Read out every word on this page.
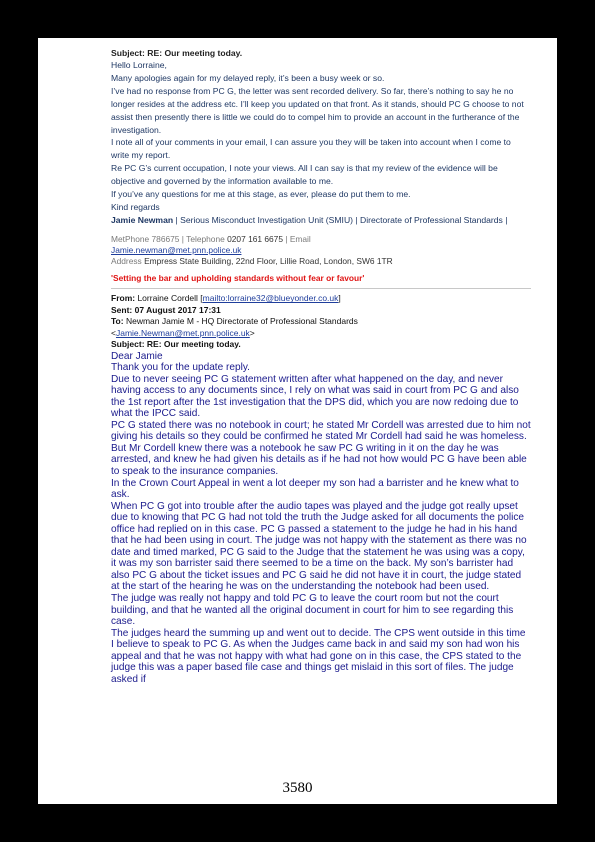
Subject: RE: Our meeting today.

Hello Lorraine,

Many apologies again for my delayed reply, it’s been a busy week or so.

I’ve had no response from PC G, the letter was sent recorded delivery. So far, there’s nothing to say he no longer resides at the address etc. I’ll keep you updated on that front. As it stands, should PC G choose to not assist then presently there is little we could do to compel him to provide an account in the furtherance of the investigation.

I note all of your comments in your email, I can assure you they will be taken into account when I come to write my report.

Re PC G’s current occupation, I note your views. All I can say is that my review of the evidence will be objective and governed by the information available to me.

If you’ve any questions for me at this stage, as ever, please do put them to me.

Kind regards

Jamie Newman | Serious Misconduct Investigation Unit (SMIU) | Directorate of Professional Standards |
MetPhone 786675 | Telephone 0207 161 6675 | Email
Jamie.newman@met.pnn.police.uk
Address Empress State Building, 22nd Floor, Lillie Road, London, SW6 1TR
'Setting the bar and upholding standards without fear or favour'
From: Lorraine Cordell [mailto:lorraine32@blueyonder.co.uk]
Sent: 07 August 2017 17:31
To: Newman Jamie M - HQ Directorate of Professional Standards
<Jamie.Newman@met.pnn.police.uk>
Subject: RE: Our meeting today.

Dear Jamie

Thank you for the update reply.

Due to never seeing PC G statement written after what happened on the day, and never having access to any documents since, I rely on what was said in court from PC G and also the 1st report after the 1st investigation that the DPS did, which you are now redoing due to what the IPCC said.

PC G stated there was no notebook in court; he stated Mr Cordell was arrested due to him not giving his details so they could be confirmed he stated Mr Cordell had said he was homeless. But Mr Cordell knew there was a notebook he saw PC G writing in it on the day he was arrested, and knew he had given his details as if he had not how would PC G have been able to speak to the insurance companies.

In the Crown Court Appeal in went a lot deeper my son had a barrister and he knew what to ask.

When PC G got into trouble after the audio tapes was played and the judge got really upset due to knowing that PC G had not told the truth the Judge asked for all documents the police office had replied on in this case. PC G passed a statement to the judge he had in his hand that he had been using in court. The judge was not happy with the statement as there was no date and timed marked, PC G said to the Judge that the statement he was using was a copy, it was my son barrister said there seemed to be a time on the back. My son’s barrister had also PC G about the ticket issues and PC G said he did not have it in court, the judge stated at the start of the hearing he was on the understanding the notebook had been used.

The judge was really not happy and told PC G to leave the court room but not the court building, and that he wanted all the original document in court for him to see regarding this case.

The judges heard the summing up and went out to decide. The CPS went outside in this time I believe to speak to PC G. As when the Judges came back in and said my son had won his appeal and that he was not happy with what had gone on in this case, the CPS stated to the judge this was a paper based file case and things get mislaid in this sort of files. The judge asked if

3580
